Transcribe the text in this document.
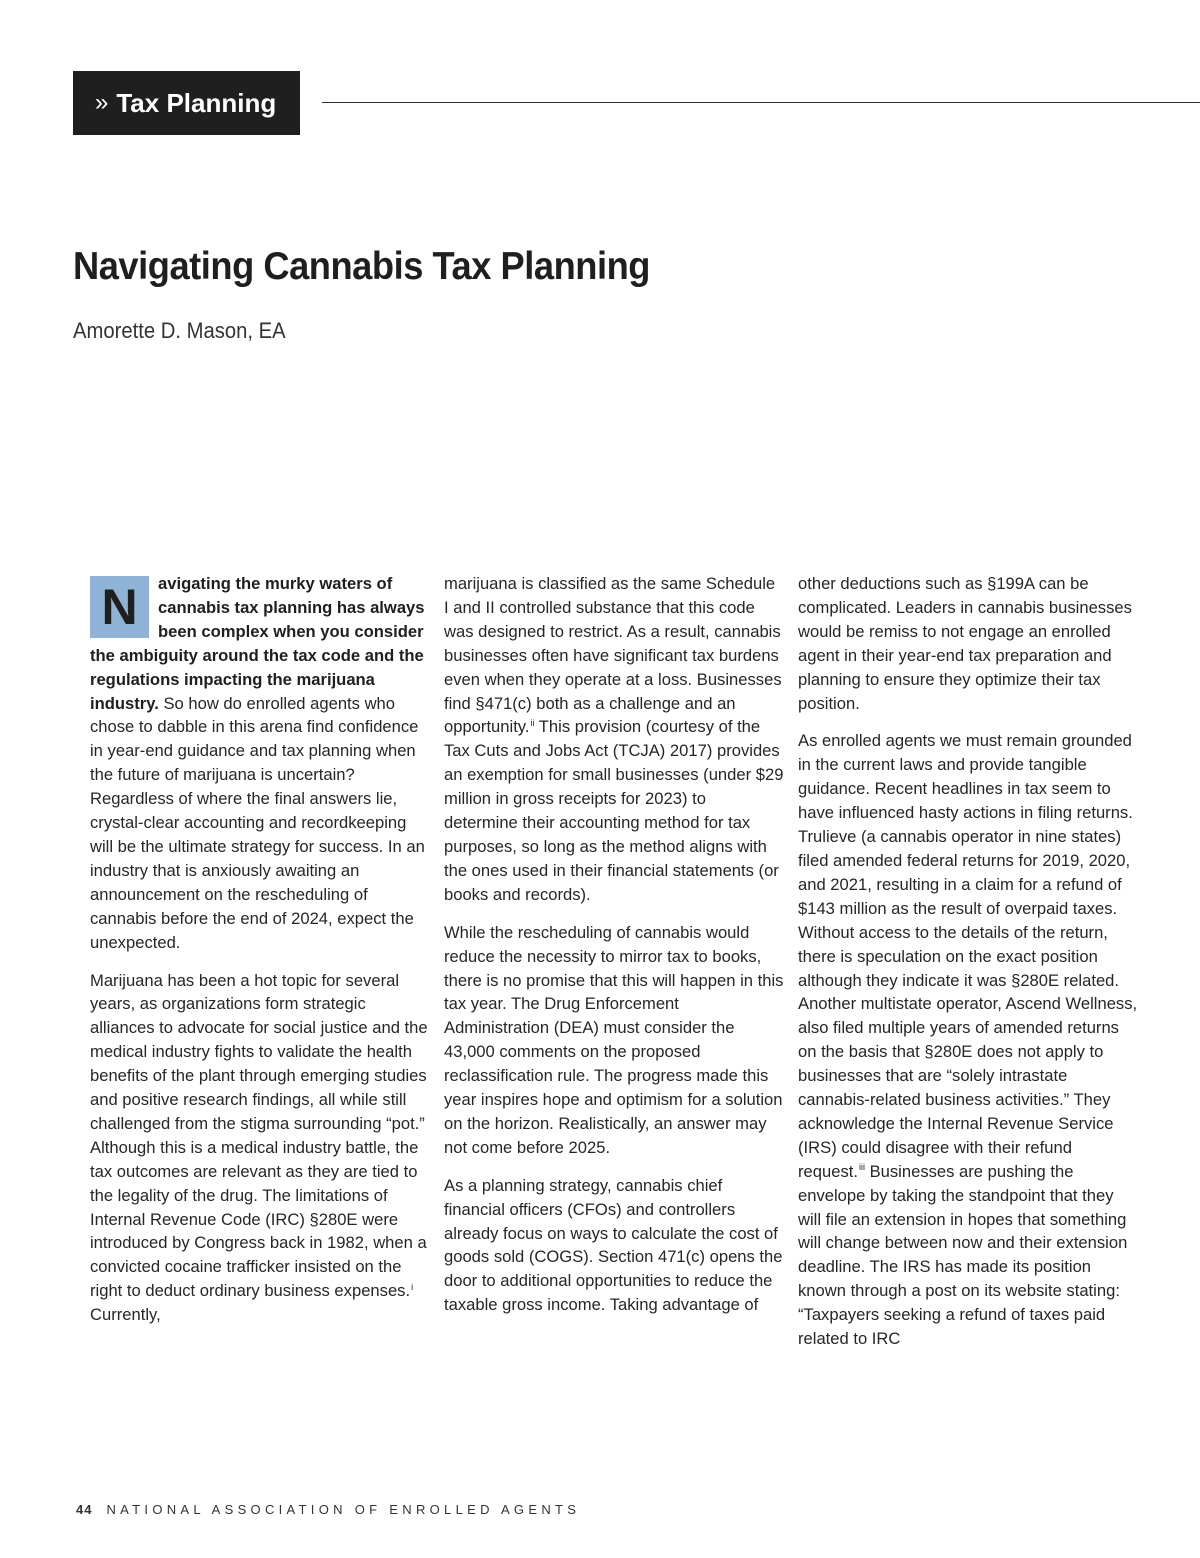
» Tax Planning
Navigating Cannabis Tax Planning

Amorette D. Mason, EA

N	avigating the murky waters of cannabis tax planning has always been complex when you consider the ambiguity around the tax code and the regulations impacting the marijuana industry. So how do enrolled agents who chose to dabble in this arena find confidence in year-end guidance and tax planning when the future of marijuana is uncertain? Regardless of where the final answers lie, crystal-clear accounting and recordkeeping will be the ultimate strategy for success. In an industry that is anxiously awaiting an announcement on the rescheduling of cannabis before the end of 2024, expect the unexpected.

Marijuana has been a hot topic for several years, as organizations form strategic alliances to advocate for social justice and the medical industry fights to validate the health benefits of the plant through emerging studies and positive research findings, all while still challenged from the stigma surrounding “pot.” Although this is a medical industry battle, the tax outcomes are relevant as they are tied to the legality of the drug. The limitations of Internal Revenue Code (IRC) §280E were introduced by Congress back in 1982, when a convicted cocaine trafficker insisted on the right to deduct ordinary business expenses.$^i$ Currently,

marijuana is classified as the same Schedule I and II controlled substance that this code was designed to restrict. As a result, cannabis businesses often have significant tax burdens even when they operate at a loss. Businesses find §471(c) both as a challenge and an opportunity.$^{ii}$ This provision (courtesy of the Tax Cuts and Jobs Act (TCJA) 2017) provides an exemption for small businesses (under $29 million in gross receipts for 2023) to determine their accounting method for tax purposes, so long as the method aligns with the ones used in their financial statements (or books and records).

While the rescheduling of cannabis would reduce the necessity to mirror tax to books, there is no promise that this will happen in this tax year. The Drug Enforcement Administration (DEA) must consider the 43,000 comments on the proposed reclassification rule. The progress made this year inspires hope and optimism for a solution on the horizon. Realistically, an answer may not come before 2025.

As a planning strategy, cannabis chief financial officers (CFOs) and controllers already focus on ways to calculate the cost of goods sold (COGS). Section 471(c) opens the door to additional opportunities to reduce the taxable gross income. Taking advantage of

other deductions such as §199A can be complicated. Leaders in cannabis businesses would be remiss to not engage an enrolled agent in their year-end tax preparation and planning to ensure they optimize their tax position.

As enrolled agents we must remain grounded in the current laws and provide tangible guidance. Recent headlines in tax seem to have influenced hasty actions in filing returns. Trulieve (a cannabis operator in nine states) filed amended federal returns for 2019, 2020, and 2021, resulting in a claim for a refund of $143 million as the result of overpaid taxes. Without access to the details of the return, there is speculation on the exact position although they indicate it was §280E related. Another multistate operator, Ascend Wellness, also filed multiple years of amended returns on the basis that §280E does not apply to businesses that are “solely intrastate cannabis-related business activities.” They acknowledge the Internal Revenue Service (IRS) could disagree with their refund request.$^{iii}$ Businesses are pushing the envelope by taking the standpoint that they will file an extension in hopes that something will change between now and their extension deadline. The IRS has made its position known through a post on its website stating: “Taxpayers seeking a refund of taxes paid related to IRC

44 NATIONAL ASSOCIATION OF ENROLLED AGENTS
